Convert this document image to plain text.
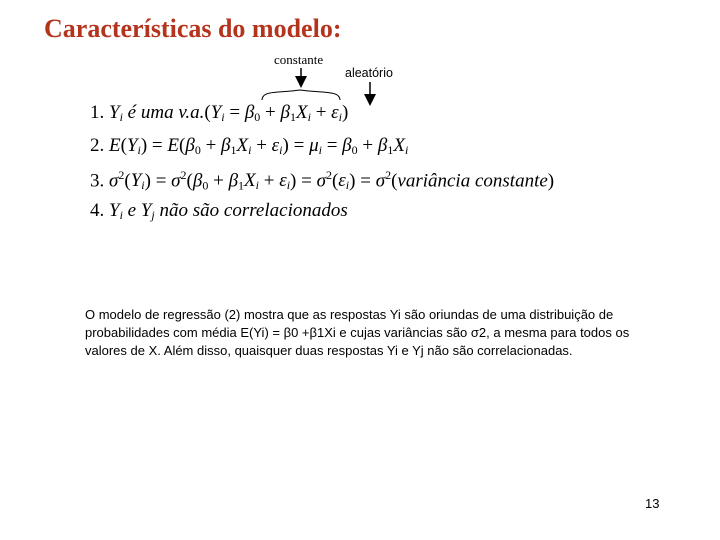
Características do modelo:
constante
aleatório
1. $Y_i$ é uma $v.a.(Y_i = \beta_0 + \beta_1X_i + \varepsilon_i)$
2. $E(Y_i) = E(\beta_0 + \beta_1X_i + \varepsilon_i) = \mu_i = \beta_0 + \beta_1X_i$
3. $\sigma^2(Y_i) = \sigma^2(\beta_0 + \beta_1X_i + \varepsilon_i) = \sigma^2(\varepsilon_i)$ = $\sigma^2(variância$ constante)
4. $Y_i$ e $Y_j$ não são correlacionados
O modelo de regressão (2) mostra que as respostas Yi são oriundas de uma distribuição de probabilidades com média E(Yi) = β0 +β1Xi e cujas variâncias são σ2, a mesma para todos os valores de X. Além disso, quaisquer duas respostas Yi e Yj não são correlacionadas.
13
